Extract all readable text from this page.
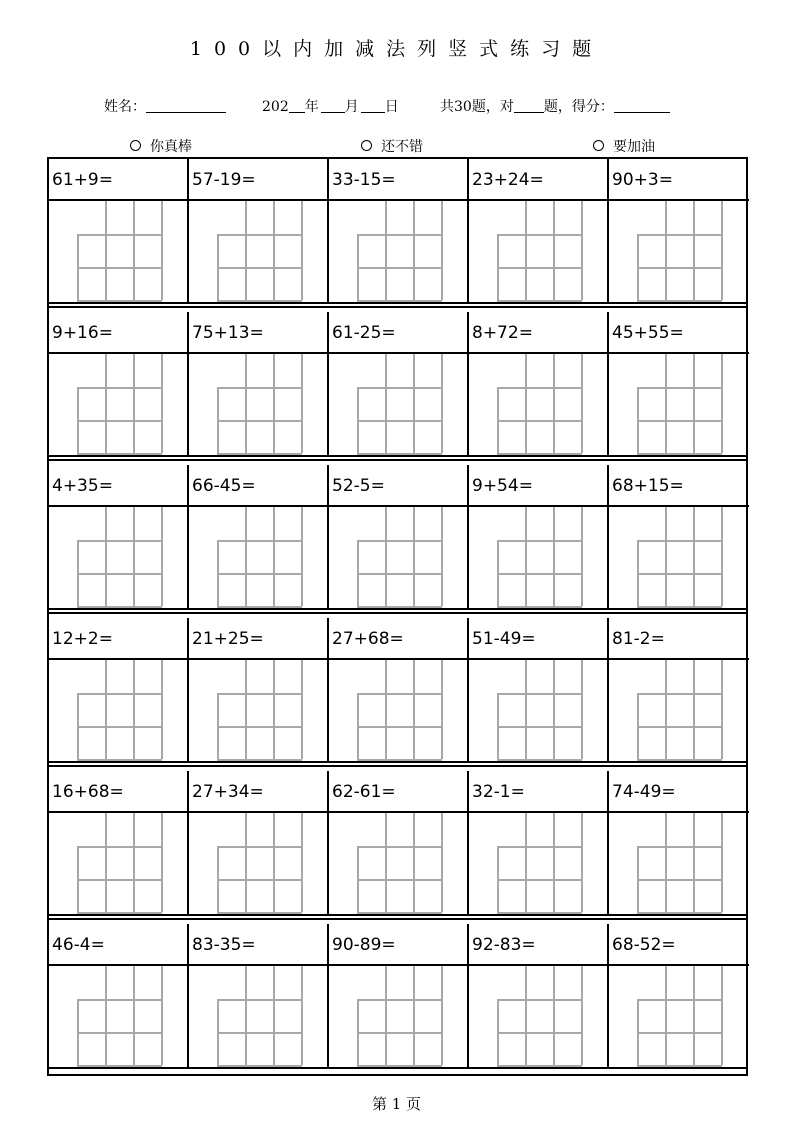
100以内加减法列竖式练习题
姓名：	202 年 月 日	共30题，对 题，得分：
你真棒	还不错	要加油
61+9=	57-19=	33-15=	23+24=	90+3=
9+16=	75+13=	61-25=	8+72=	45+55=
4+35=	66-45=	52-5=	9+54=	68+15=
12+2=	21+25=	27+68=	51-49=	81-2=
16+68=	27+34=	62-61=	32-1=	74-49=
46-4=	83-35=	90-89=	92-83=	68-52=
第 1 页
